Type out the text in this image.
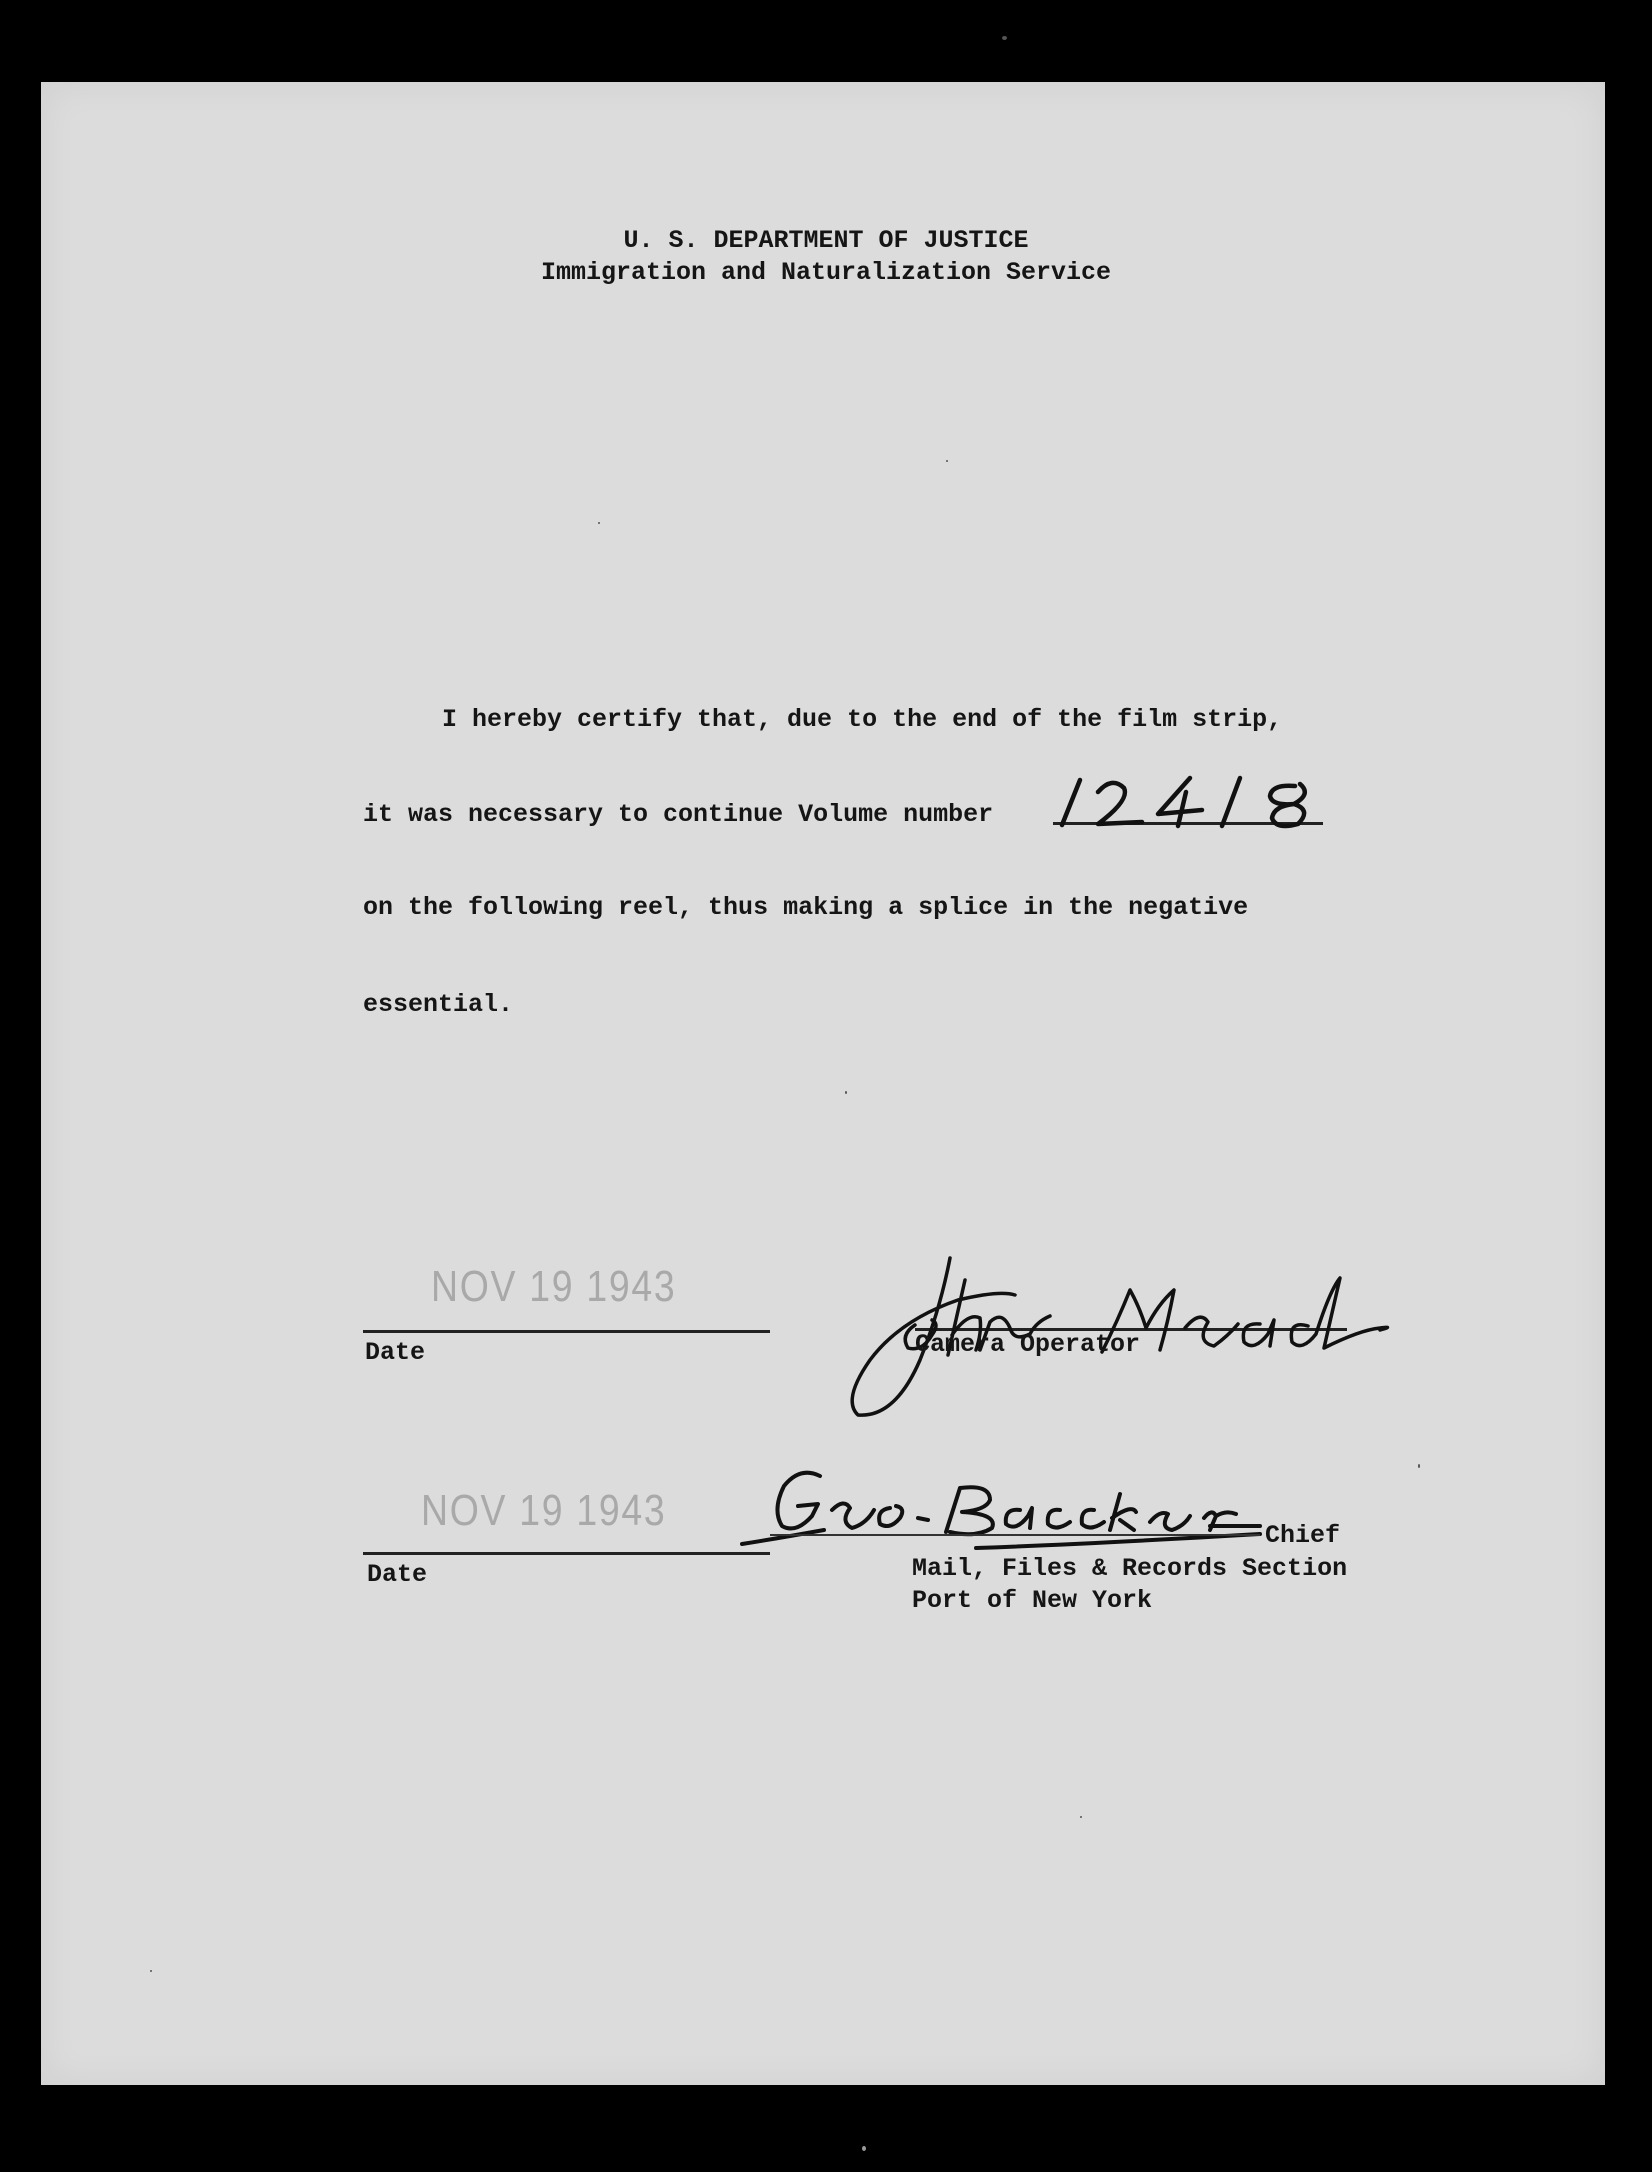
U. S. DEPARTMENT OF JUSTICE
Immigration and Naturalization Service
I hereby certify that, due to the end of the film strip,
it was necessary to continue Volume number
on the following reel, thus making a splice in the negative
essential.
NOV 19 1943
Date	Camera Operator
NOV 19 1943
Date
Chief
Mail, Files & Records Section
Port of New York
